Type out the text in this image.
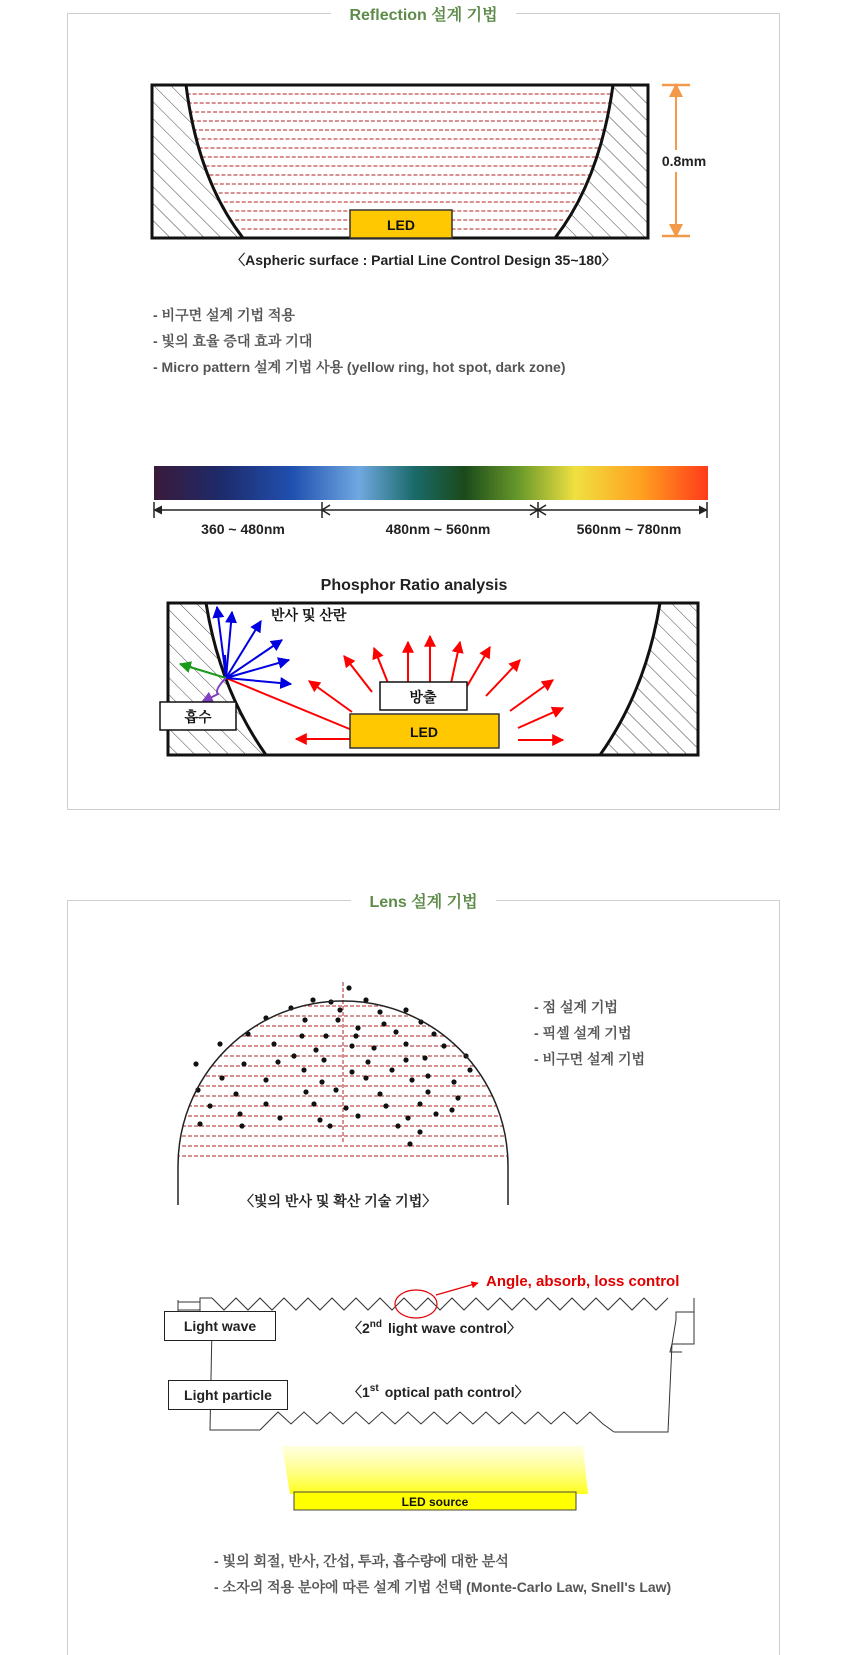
Reflection 설계 기법
LED
0.8mm
360 ~ 480nm	480nm ~ 560nm	560nm ~ 780nm
Phosphor Ratio analysis
반사 및 산란
방출
흡수
LED
LED source
Angle, absorb, loss control
〈2nd light wave control〉
〈1st optical path control〉
〈Aspheric surface : Partial Line Control Design 35~180〉
- 비구면 설계 기법 적용
- 빛의 효율 증대 효과 기대
- Micro pattern 설계 기법 사용 (yellow ring, hot spot, dark zone)
Lens 설계 기법
- 점 설계 기법
- 픽셀 설계 기법
- 비구면 설계 기법
〈빛의 반사 및 확산 기술 기법〉
Light wave
Light particle
- 빛의 회절, 반사, 간섭, 투과, 흡수량에 대한 분석
- 소자의 적용 분야에 따른 설계 기법 선택 (Monte-Carlo Law, Snell's Law)
